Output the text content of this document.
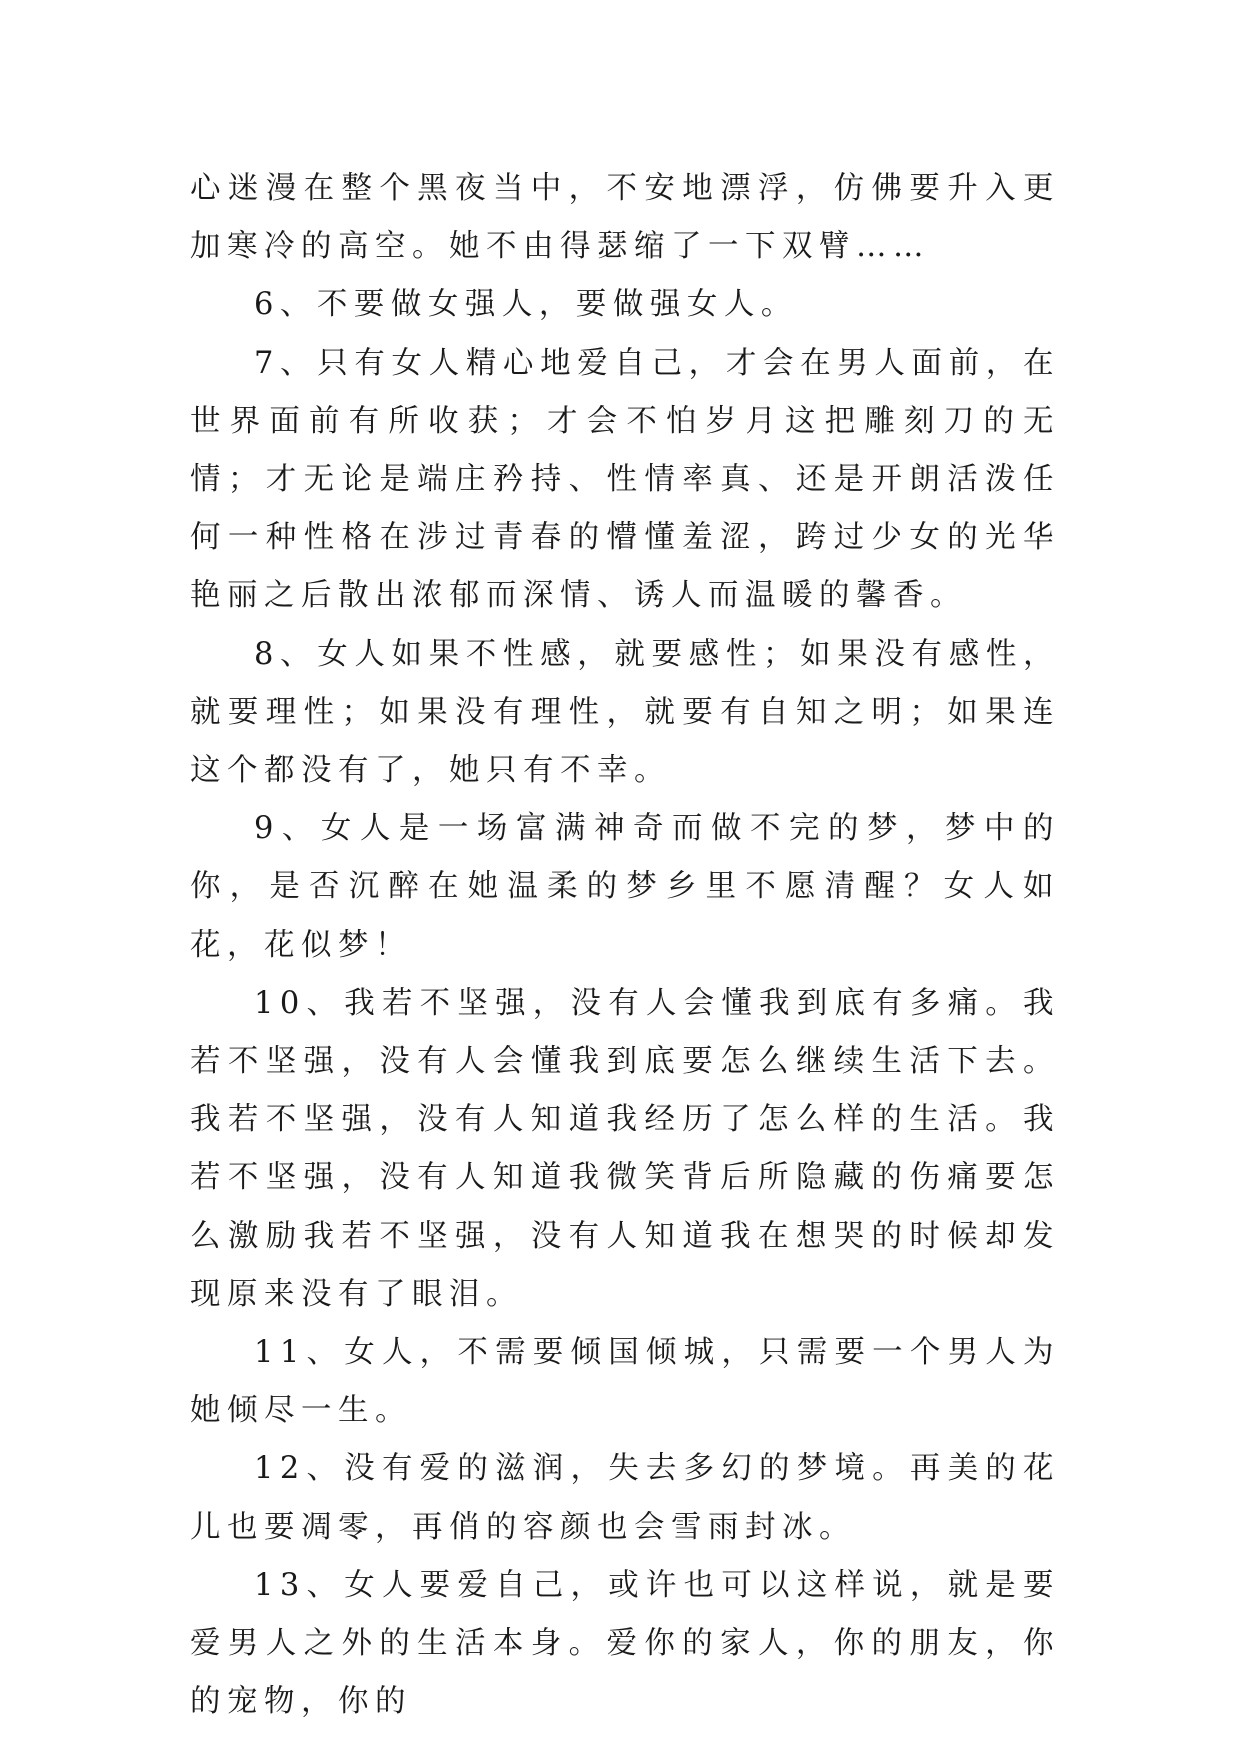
心迷漫在整个黑夜当中，不安地漂浮，仿佛要升入更加寒冷的高空。她不由得瑟缩了一下双臂……

6、不要做女强人，要做强女人。

7、只有女人精心地爱自己，才会在男人面前，在世界面前有所收获；才会不怕岁月这把雕刻刀的无情；才无论是端庄矜持、性情率真、还是开朗活泼任何一种性格在涉过青春的懵懂羞涩，跨过少女的光华艳丽之后散出浓郁而深情、诱人而温暖的馨香。

8、女人如果不性感，就要感性；如果没有感性，就要理性；如果没有理性，就要有自知之明；如果连这个都没有了，她只有不幸。

9、女人是一场富满神奇而做不完的梦，梦中的你，是否沉醉在她温柔的梦乡里不愿清醒？女人如花，花似梦！

10、我若不坚强，没有人会懂我到底有多痛。我若不坚强，没有人会懂我到底要怎么继续生活下去。我若不坚强，没有人知道我经历了怎么样的生活。我若不坚强，没有人知道我微笑背后所隐藏的伤痛要怎么激励我若不坚强，没有人知道我在想哭的时候却发现原来没有了眼泪。

11、女人，不需要倾国倾城，只需要一个男人为她倾尽一生。

12、没有爱的滋润，失去多幻的梦境。再美的花儿也要凋零，再俏的容颜也会雪雨封冰。

13、女人要爱自己，或许也可以这样说，就是要爱男人之外的生活本身。爱你的家人，你的朋友，你的宠物，你的
